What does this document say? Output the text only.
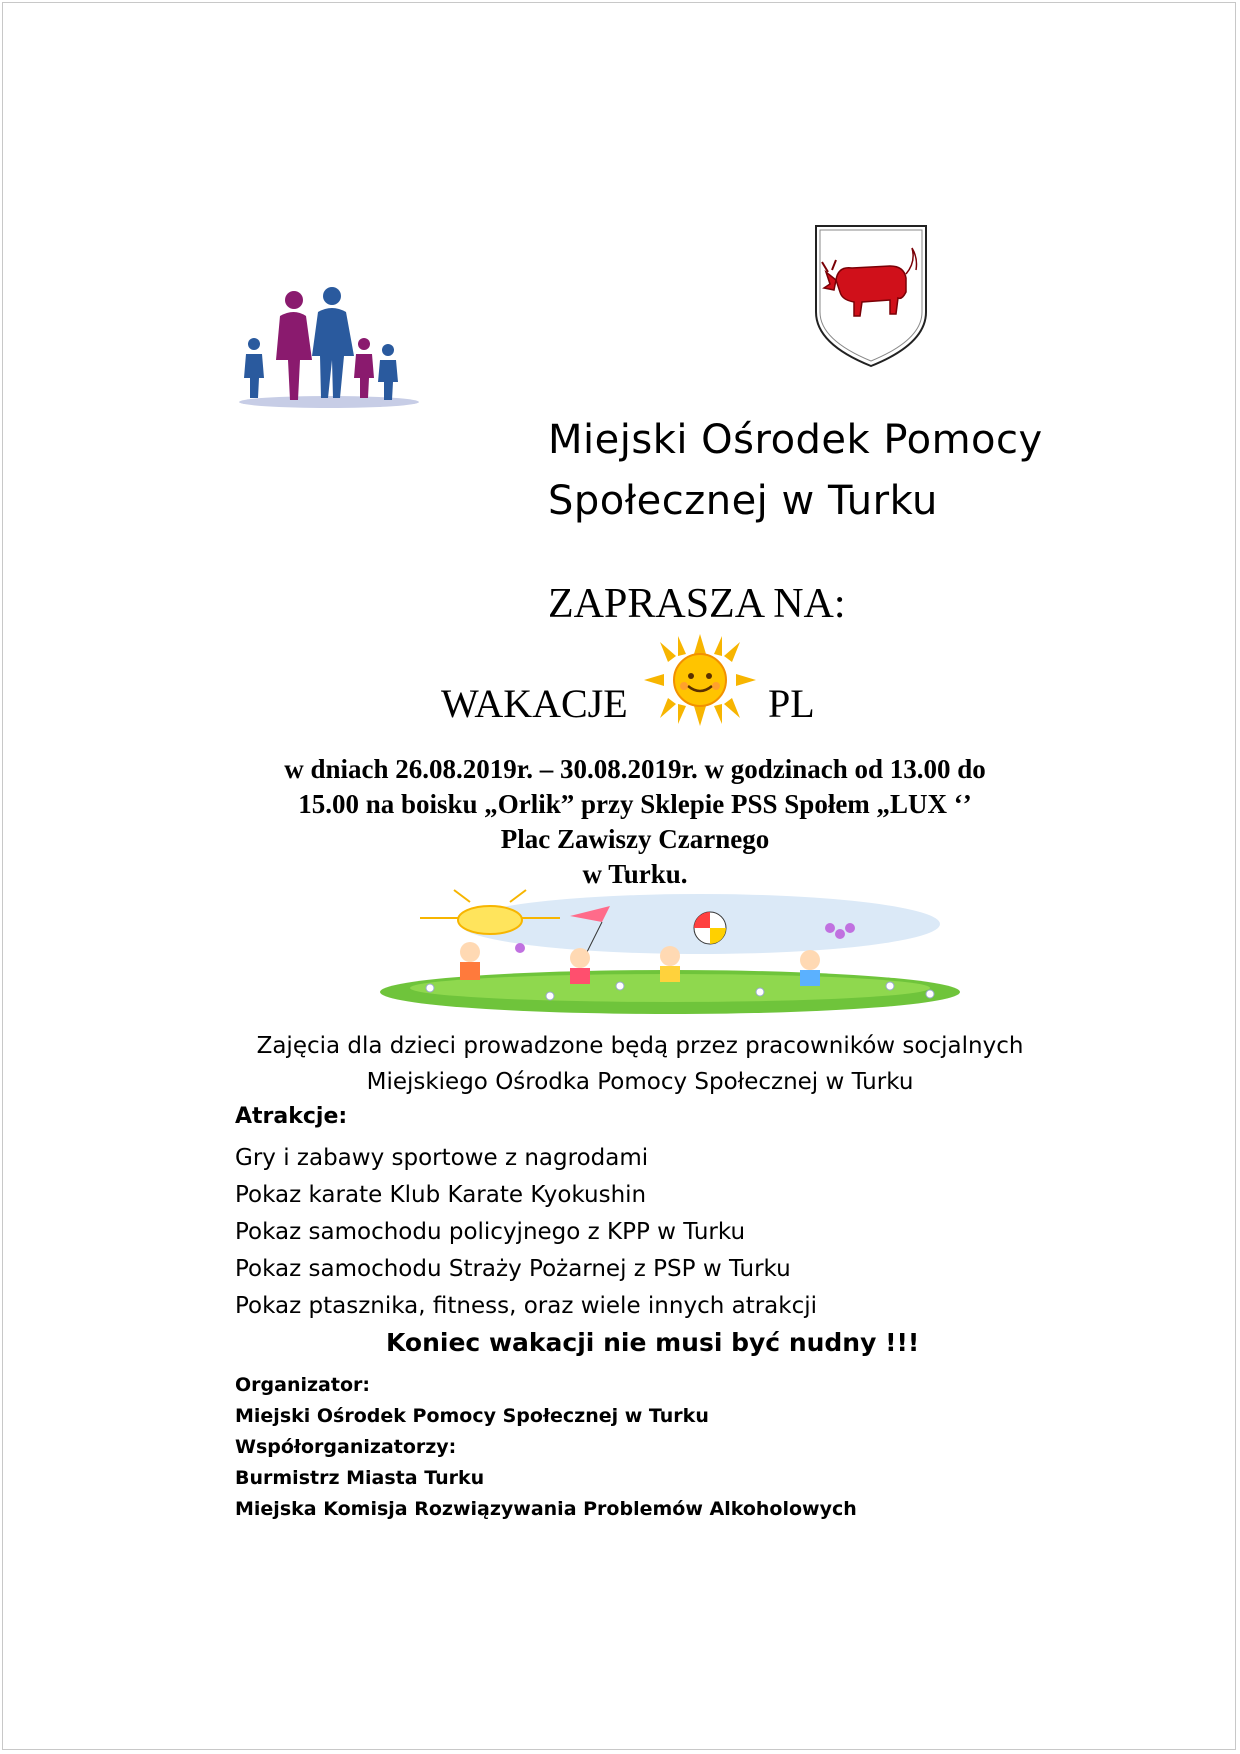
Miejski Ośrodek Pomocy
Społecznej w Turku
ZAPRASZA NA:
WAKACJE	PL
w dniach 26.08.2019r. – 30.08.2019r. w godzinach od 13.00 do
15.00 na boisku „Orlik” przy Sklepie PSS Społem „LUX ‘’
Plac Zawiszy Czarnego
w Turku.
Zajęcia dla dzieci prowadzone będą przez pracowników socjalnych
Miejskiego Ośrodka Pomocy Społecznej w Turku
Atrakcje:
Gry i zabawy sportowe z nagrodami
Pokaz karate Klub Karate Kyokushin
Pokaz samochodu policyjnego z KPP w Turku
Pokaz samochodu Straży Pożarnej z PSP w Turku
Pokaz ptasznika, fitness, oraz wiele innych atrakcji
Koniec wakacji nie musi być nudny !!!
Organizator:
Miejski Ośrodek Pomocy Społecznej w Turku
Współorganizatorzy:
Burmistrz Miasta Turku
Miejska Komisja Rozwiązywania Problemów Alkoholowych
